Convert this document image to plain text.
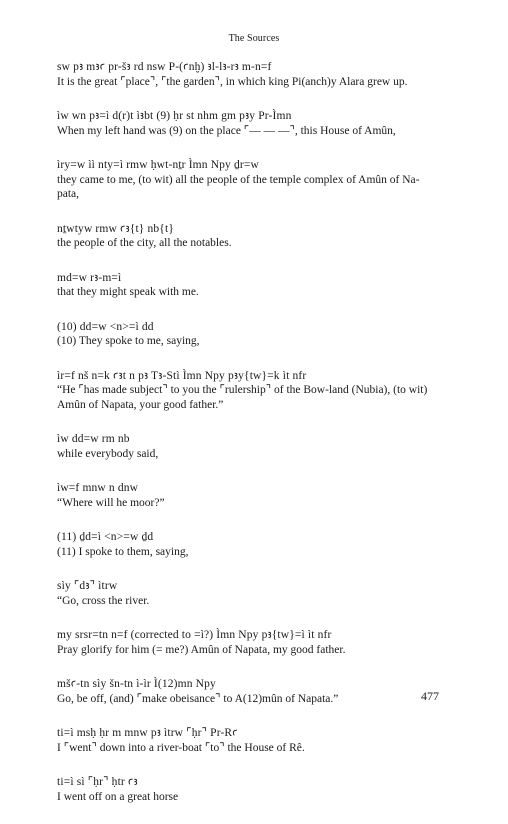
The Sources
sw pꜣ mꜣꜥ pr-šꜣ rd nsw P-(ꜥnḫ) ꜣl-lꜣ-rꜣ m-n=f
It is the great ⌜place⌝, ⌜the garden⌝, in which king Pi(anch)y Alara grew up.
ìw wn pꜣ=ì d(r)t ìꜣbt (9) ḥr st nhm gm pꜣy Pr-Ìmn
When my left hand was (9) on the place ⌜— — —⌝, this House of Amûn,
ìry=w ìì nty=ì rmw ḥwt-nṯr Ìmn Npy ḏr=w
they came to me, (to wit) all the people of the temple complex of Amûn of Na-
pata,
nṯwtyw rmw ꜥꜣ{t} nb{t}
the people of the city, all the notables.
md=w rꜣ-m=ì
that they might speak with me.
(10) dd=w <n>=ì dd
(10) They spoke to me, saying,
ìr=f nš n=k ꜥꜣt n pꜣ Tꜣ-Stì Ìmn Npy pꜣy{tw}=k ìt nfr
“He ⌜has made subject⌝ to you the ⌜rulership⌝ of the Bow-land (Nubia), (to wit)
Amûn of Napata, your good father.”
ìw dd=w rm nb
while everybody said,
ìw=f mnw n dnw
“Where will he moor?”
(11) ḏd=ì <n>=w ḏd
(11) I spoke to them, saying,
sìy ⌜dꜣ⌝ ìtrw
“Go, cross the river.
my srsr=tn n=f (corrected to =ì?) Ìmn Npy pꜣ{tw}=ì ìt nfr
Pray glorify for him (= me?) Amûn of Napata, my good father.
mšꜥ-tn sìy šn-tn ì-ìr Ì(12)mn Npy
Go, be off, (and) ⌜make obeisance⌝ to A(12)mûn of Napata.”
ti=ì msḥ ḥr m mnw pꜣ ìtrw ⌜ḥr⌝ Pr-Rꜥ
I ⌜went⌝ down into a river-boat ⌜to⌝ the House of Rê.
ti=ì sì ⌜ḥr⌝ ḥtr ꜥꜣ
I went off on a great horse
477
